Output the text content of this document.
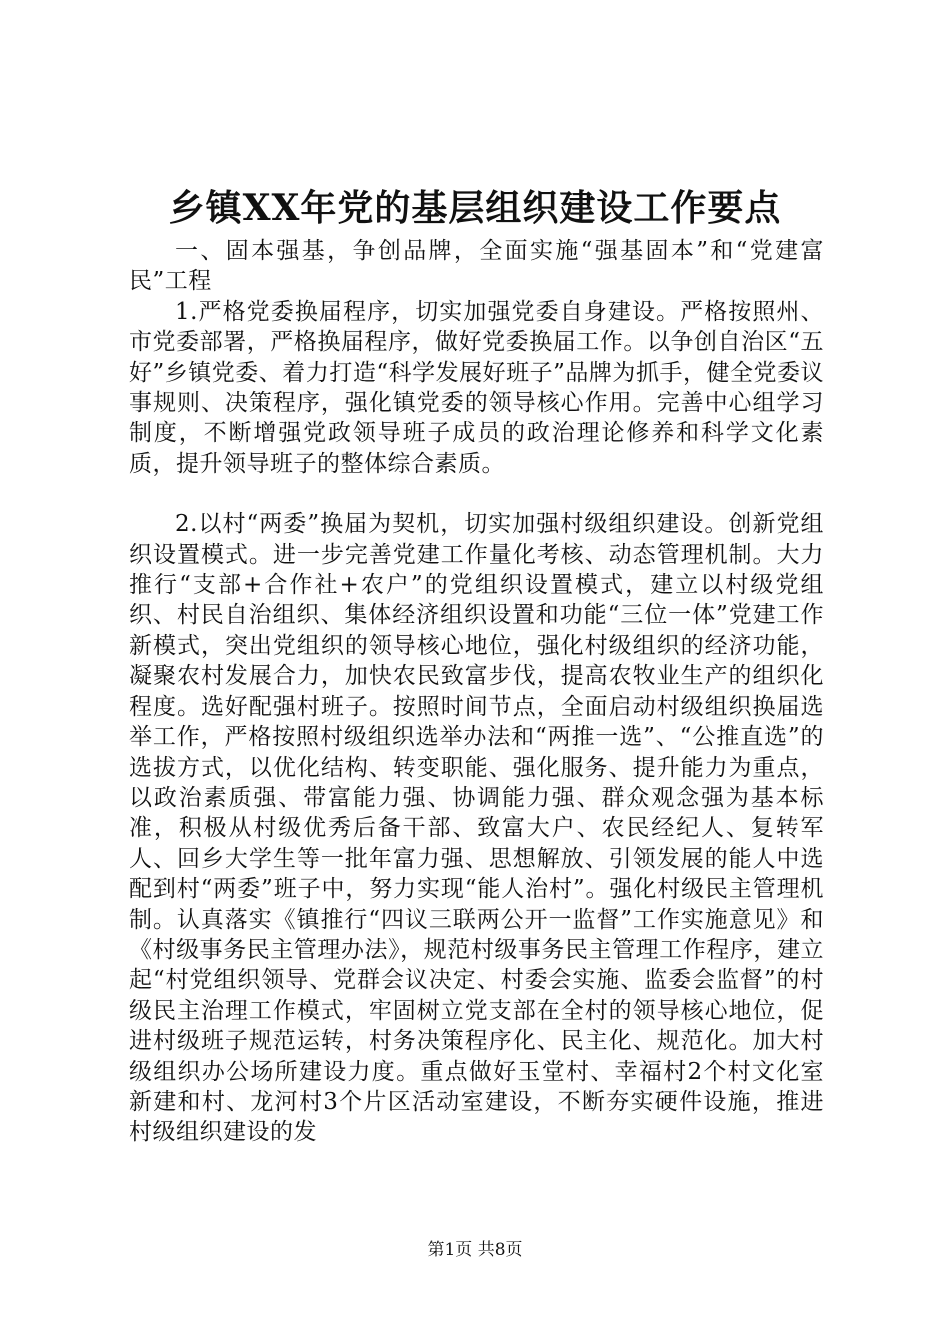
乡镇XX年党的基层组织建设工作要点

一、固本强基，争创品牌，全面实施“强基固本”和“党建富民”工程

1.严格党委换届程序，切实加强党委自身建设。严格按照州、市党委部署，严格换届程序，做好党委换届工作。以争创自治区“五好”乡镇党委、着力打造“科学发展好班子”品牌为抓手，健全党委议事规则、决策程序，强化镇党委的领导核心作用。完善中心组学习制度，不断增强党政领导班子成员的政治理论修养和科学文化素质，提升领导班子的整体综合素质。

2.以村“两委”换届为契机，切实加强村级组织建设。创新党组织设置模式。进一步完善党建工作量化考核、动态管理机制。大力推行“支部+合作社+农户”的党组织设置模式，建立以村级党组织、村民自治组织、集体经济组织设置和功能“三位一体”党建工作新模式，突出党组织的领导核心地位，强化村级组织的经济功能，凝聚农村发展合力，加快农民致富步伐，提高农牧业生产的组织化程度。选好配强村班子。按照时间节点，全面启动村级组织换届选举工作，严格按照村级组织选举办法和“两推一选”、“公推直选”的选拔方式，以优化结构、转变职能、强化服务、提升能力为重点，以政治素质强、带富能力强、协调能力强、群众观念强为基本标准，积极从村级优秀后备干部、致富大户、农民经纪人、复转军人、回乡大学生等一批年富力强、思想解放、引领发展的能人中选配到村“两委”班子中，努力实现“能人治村”。强化村级民主管理机制。认真落实《镇推行“四议三联两公开一监督”工作实施意见》和《村级事务民主管理办法》，规范村级事务民主管理工作程序，建立起“村党组织领导、党群会议决定、村委会实施、监委会监督”的村级民主治理工作模式，牢固树立党支部在全村的领导核心地位，促进村级班子规范运转，村务决策程序化、民主化、规范化。加大村级组织办公场所建设力度。重点做好玉堂村、幸福村2个村文化室新建和村、龙河村3个片区活动室建设，不断夯实硬件设施，推进村级组织建设的发

第1页 共8页
